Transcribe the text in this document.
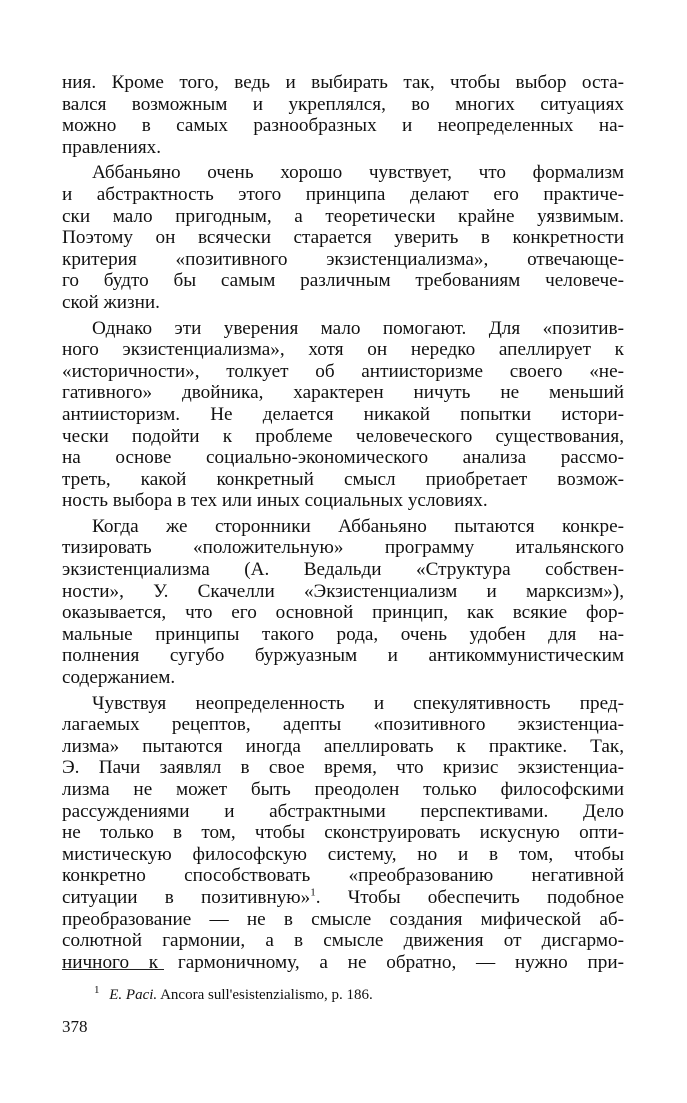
ния. Кроме того, ведь и выбирать так, чтобы выбор оста-
вался возможным и укреплялся, во многих ситуациях
можно в самых разнообразных и неопределенных на-
правлениях.
Аббаньяно очень хорошо чувствует, что формализм
и абстрактность этого принципа делают его практиче-
ски мало пригодным, а теоретически крайне уязвимым.
Поэтому он всячески старается уверить в конкретности
критерия «позитивного экзистенциализма», отвечающе-
го будто бы самым различным требованиям человече-
ской жизни.
Однако эти уверения мало помогают. Для «позитив-
ного экзистенциализма», хотя он нередко апеллирует к
«историчности», толкует об антиисторизме своего «не-
гативного» двойника, характерен ничуть не меньший
антиисторизм. Не делается никакой попытки истори-
чески подойти к проблеме человеческого существования,
на основе социально-экономического анализа рассмо-
треть, какой конкретный смысл приобретает возмож-
ность выбора в тех или иных социальных условиях.
Когда же сторонники Аббаньяно пытаются конкре-
тизировать «положительную» программу итальянского
экзистенциализма (А. Ведальди «Структура собствен-
ности», У. Скачелли «Экзистенциализм и марксизм»),
оказывается, что его основной принцип, как всякие фор-
мальные принципы такого рода, очень удобен для на-
полнения сугубо буржуазным и антикоммунистическим
содержанием.
Чувствуя неопределенность и спекулятивность пред-
лагаемых рецептов, адепты «позитивного экзистенциа-
лизма» пытаются иногда апеллировать к практике. Так,
Э. Пачи заявлял в свое время, что кризис экзистенциа-
лизма не может быть преодолен только философскими
рассуждениями и абстрактными перспективами. Дело
не только в том, чтобы сконструировать искусную опти-
мистическую философскую систему, но и в том, чтобы
конкретно способствовать «преобразованию негативной
ситуации в позитивную»$^1$. Чтобы обеспечить подобное
преобразование — не в смысле создания мифической аб-
солютной гармонии, а в смысле движения от дисгармо-
ничного к гармоничному, а не обратно, — нужно при-
$^1$ E. Paci. Ancora sull'esistenzialismo, p. 186.
378
